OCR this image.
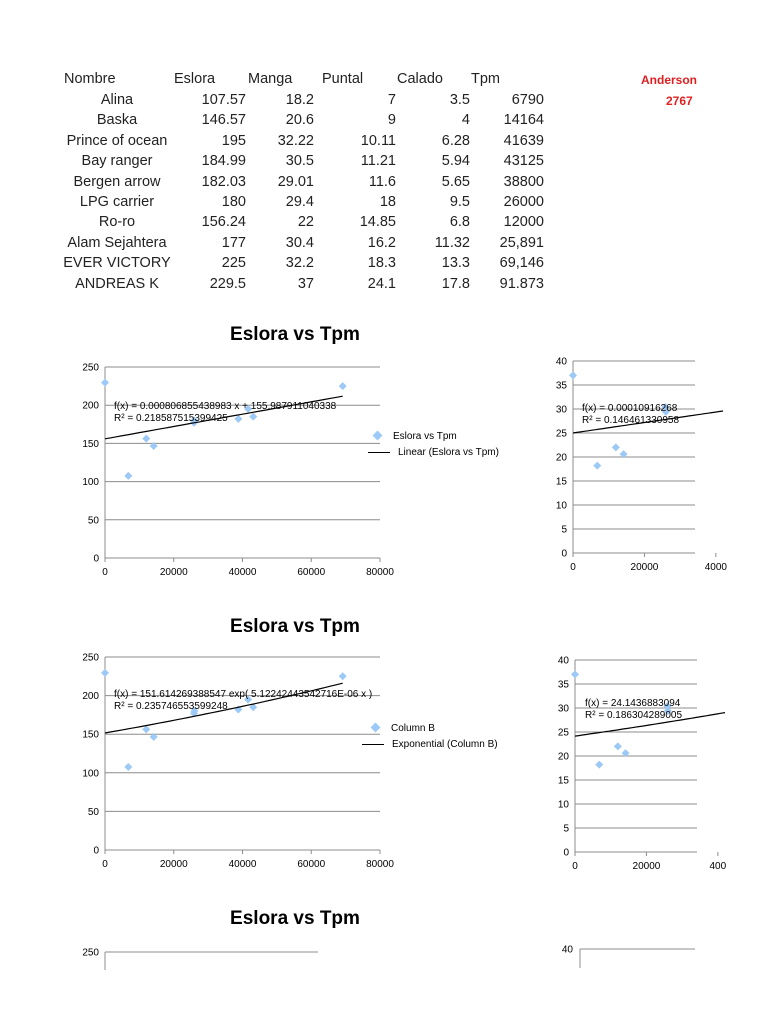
Nombre	Eslora Manga Puntal Calado Tpm
Alina	107.57	18.2	7	3.5	6790
Baska	146.57	20.6	9	4	14164
Prince of ocean	195	32.22	10.11	6.28	41639
Bay ranger	184.99	30.5	11.21	5.94	43125
Bergen arrow	182.03	29.01	11.6	5.65	38800
LPG carrier	180	29.4	18	9.5	26000
Ro-ro	156.24	22	14.85	6.8	12000
Alam Sejahtera	177	30.4	16.2	11.32	25,891
EVER VICTORY	225	32.2	18.3	13.3	69,146
ANDREAS K	229.5	37	24.1	17.8	91.873
Anderson
2767
Eslora vs Tpm
0
50
100
150
200
250
0	20000	40000	60000	80000
f(x) = 0.000806855438983 x + 155.987911040338
R² = 0.218587515399425
Eslora vs Tpm
Linear (Eslora vs Tpm)
0
5
10
15
20
25
30
35
40
0	20000	4000
f(x) = 0.00010916268
R² = 0.146461330958
Eslora vs Tpm
0
50
100
150
200
250
0	20000	40000	60000	80000
f(x) = 151.614269388547 exp( 5.12242443542716E-06 x )
R² = 0.235746553599248
Column B
Exponential (Column B)
0
5
10
15
20
25
30
35
40
0	20000	400
f(x) = 24.1436883094
R² = 0.186304289005
Eslora vs Tpm
250	40
